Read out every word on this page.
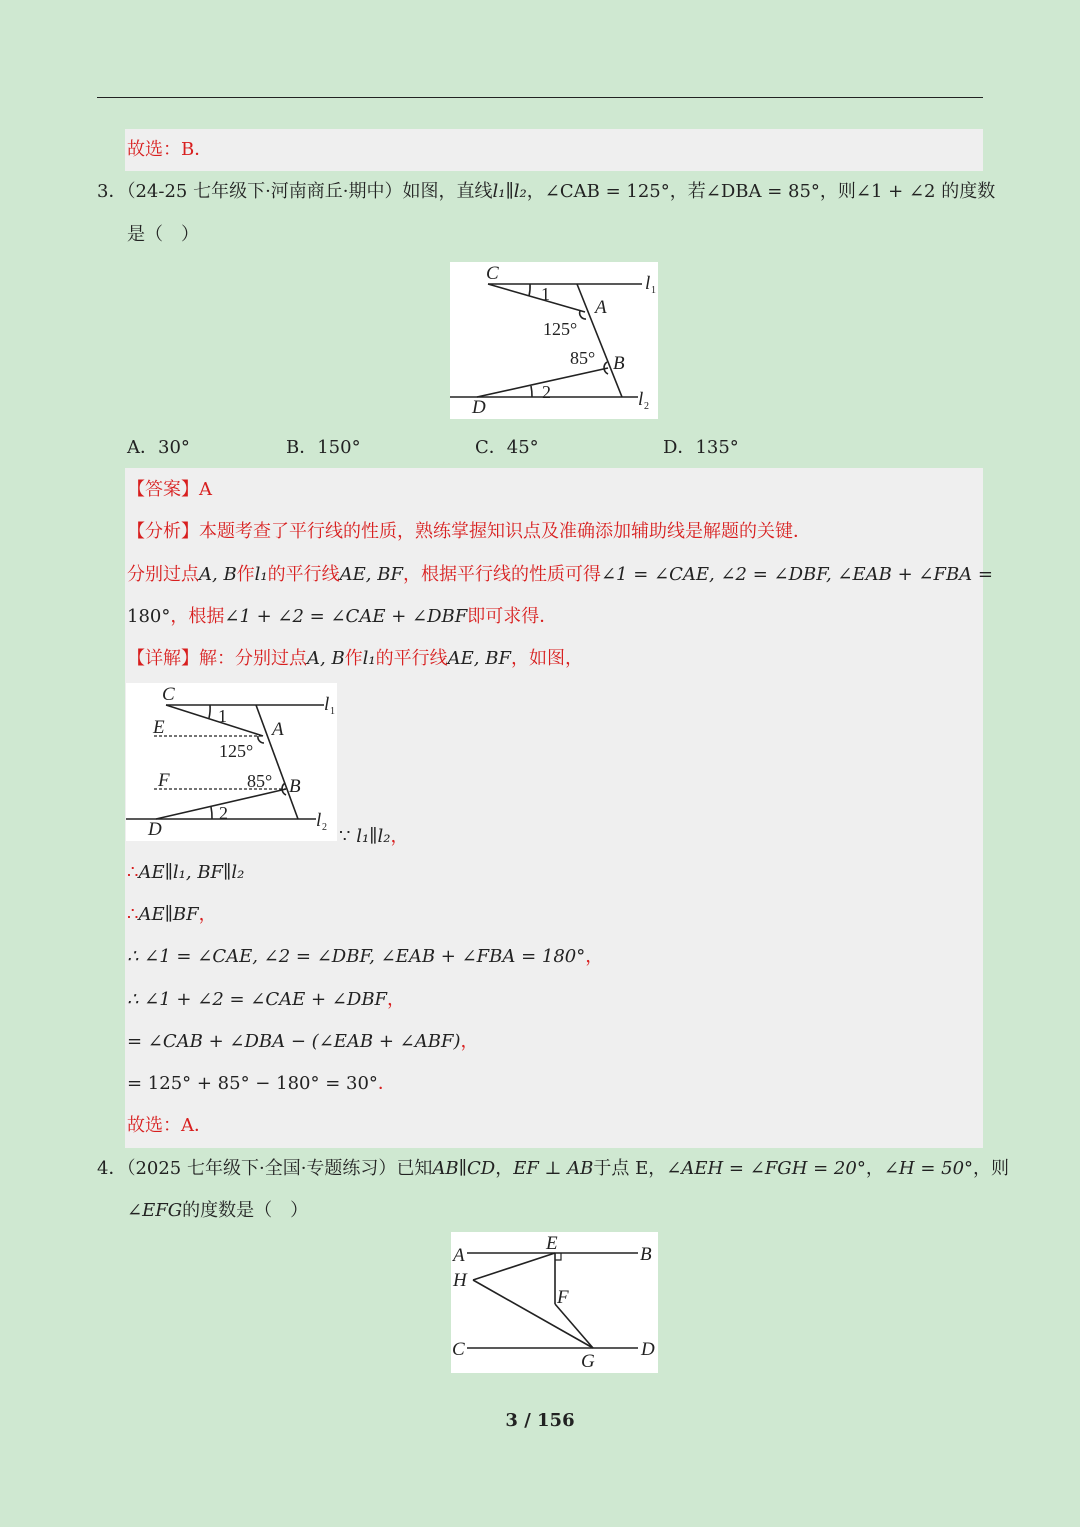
故选：B．
3．（24-25 七年级下·河南商丘·期中）如图，直线l₁∥l₂，∠CAB = 125°，若∠DBA = 85°，则∠1 + ∠2 的度数
是（　）
C
A
B
D
l
l
1
2
1
2
125°
85°
A．30°	B．150°	C．45°	D．135°
【答案】A
【分析】本题考查了平行线的性质，熟练掌握知识点及准确添加辅助线是解题的关键．
分别过点A, B作l₁的平行线AE, BF，根据平行线的性质可得∠1 = ∠CAE, ∠2 = ∠DBF, ∠EAB + ∠FBA =
180°，根据∠1 + ∠2 = ∠CAE + ∠DBF即可求得．
【详解】解：分别过点A, B作l₁的平行线AE, BF，如图，
C
E	A
F	B
D
l
l
1
2
1
2
125°
85°
∵ l₁∥l₂，
∴AE∥l₁, BF∥l₂
∴AE∥BF，
∴ ∠1 = ∠CAE, ∠2 = ∠DBF, ∠EAB + ∠FBA = 180°，
∴ ∠1 + ∠2 = ∠CAE + ∠DBF，
= ∠CAB + ∠DBA − (∠EAB + ∠ABF)，
= 125° + 85° − 180° = 30°．
故选：A．
4．（2025 七年级下·全国·专题练习）已知AB∥CD，EF ⊥ AB于点 E，∠AEH = ∠FGH = 20°，∠H = 50°，则
∠EFG的度数是（　）
A
E
B
H
F
C
G
D
3 / 156
